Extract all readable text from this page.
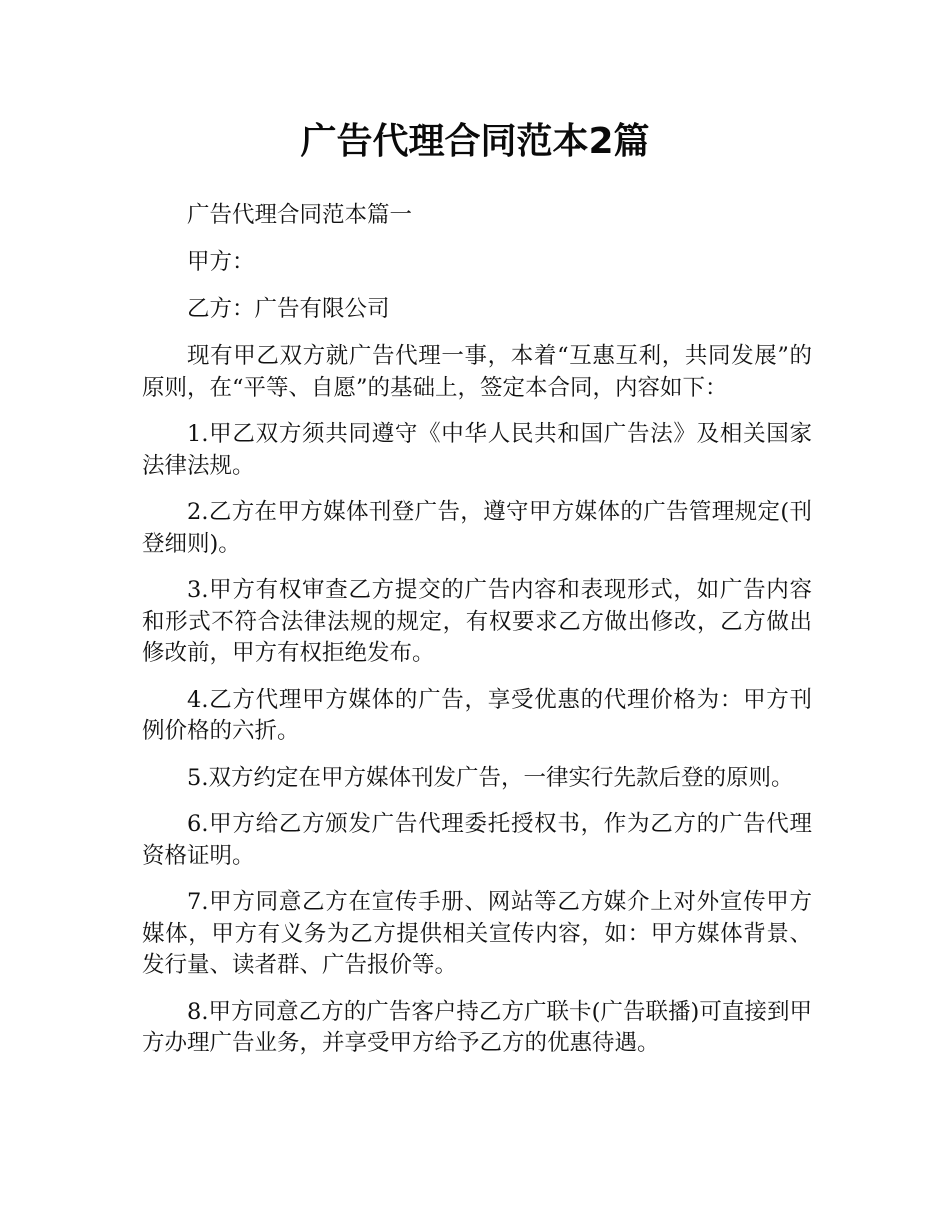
广告代理合同范本2篇

广告代理合同范本篇一

甲方：

乙方：广告有限公司

现有甲乙双方就广告代理一事，本着“互惠互利，共同发展”的原则，在“平等、自愿”的基础上，签定本合同，内容如下：

1.甲乙双方须共同遵守《中华人民共和国广告法》及相关国家法律法规。

2.乙方在甲方媒体刊登广告，遵守甲方媒体的广告管理规定(刊登细则)。

3.甲方有权审查乙方提交的广告内容和表现形式，如广告内容和形式不符合法律法规的规定，有权要求乙方做出修改，乙方做出修改前，甲方有权拒绝发布。

4.乙方代理甲方媒体的广告，享受优惠的代理价格为：甲方刊例价格的六折。

5.双方约定在甲方媒体刊发广告，一律实行先款后登的原则。

6.甲方给乙方颁发广告代理委托授权书，作为乙方的广告代理资格证明。

7.甲方同意乙方在宣传手册、网站等乙方媒介上对外宣传甲方媒体，甲方有义务为乙方提供相关宣传内容，如：甲方媒体背景、发行量、读者群、广告报价等。

8.甲方同意乙方的广告客户持乙方广联卡(广告联播)可直接到甲方办理广告业务，并享受甲方给予乙方的优惠待遇。
